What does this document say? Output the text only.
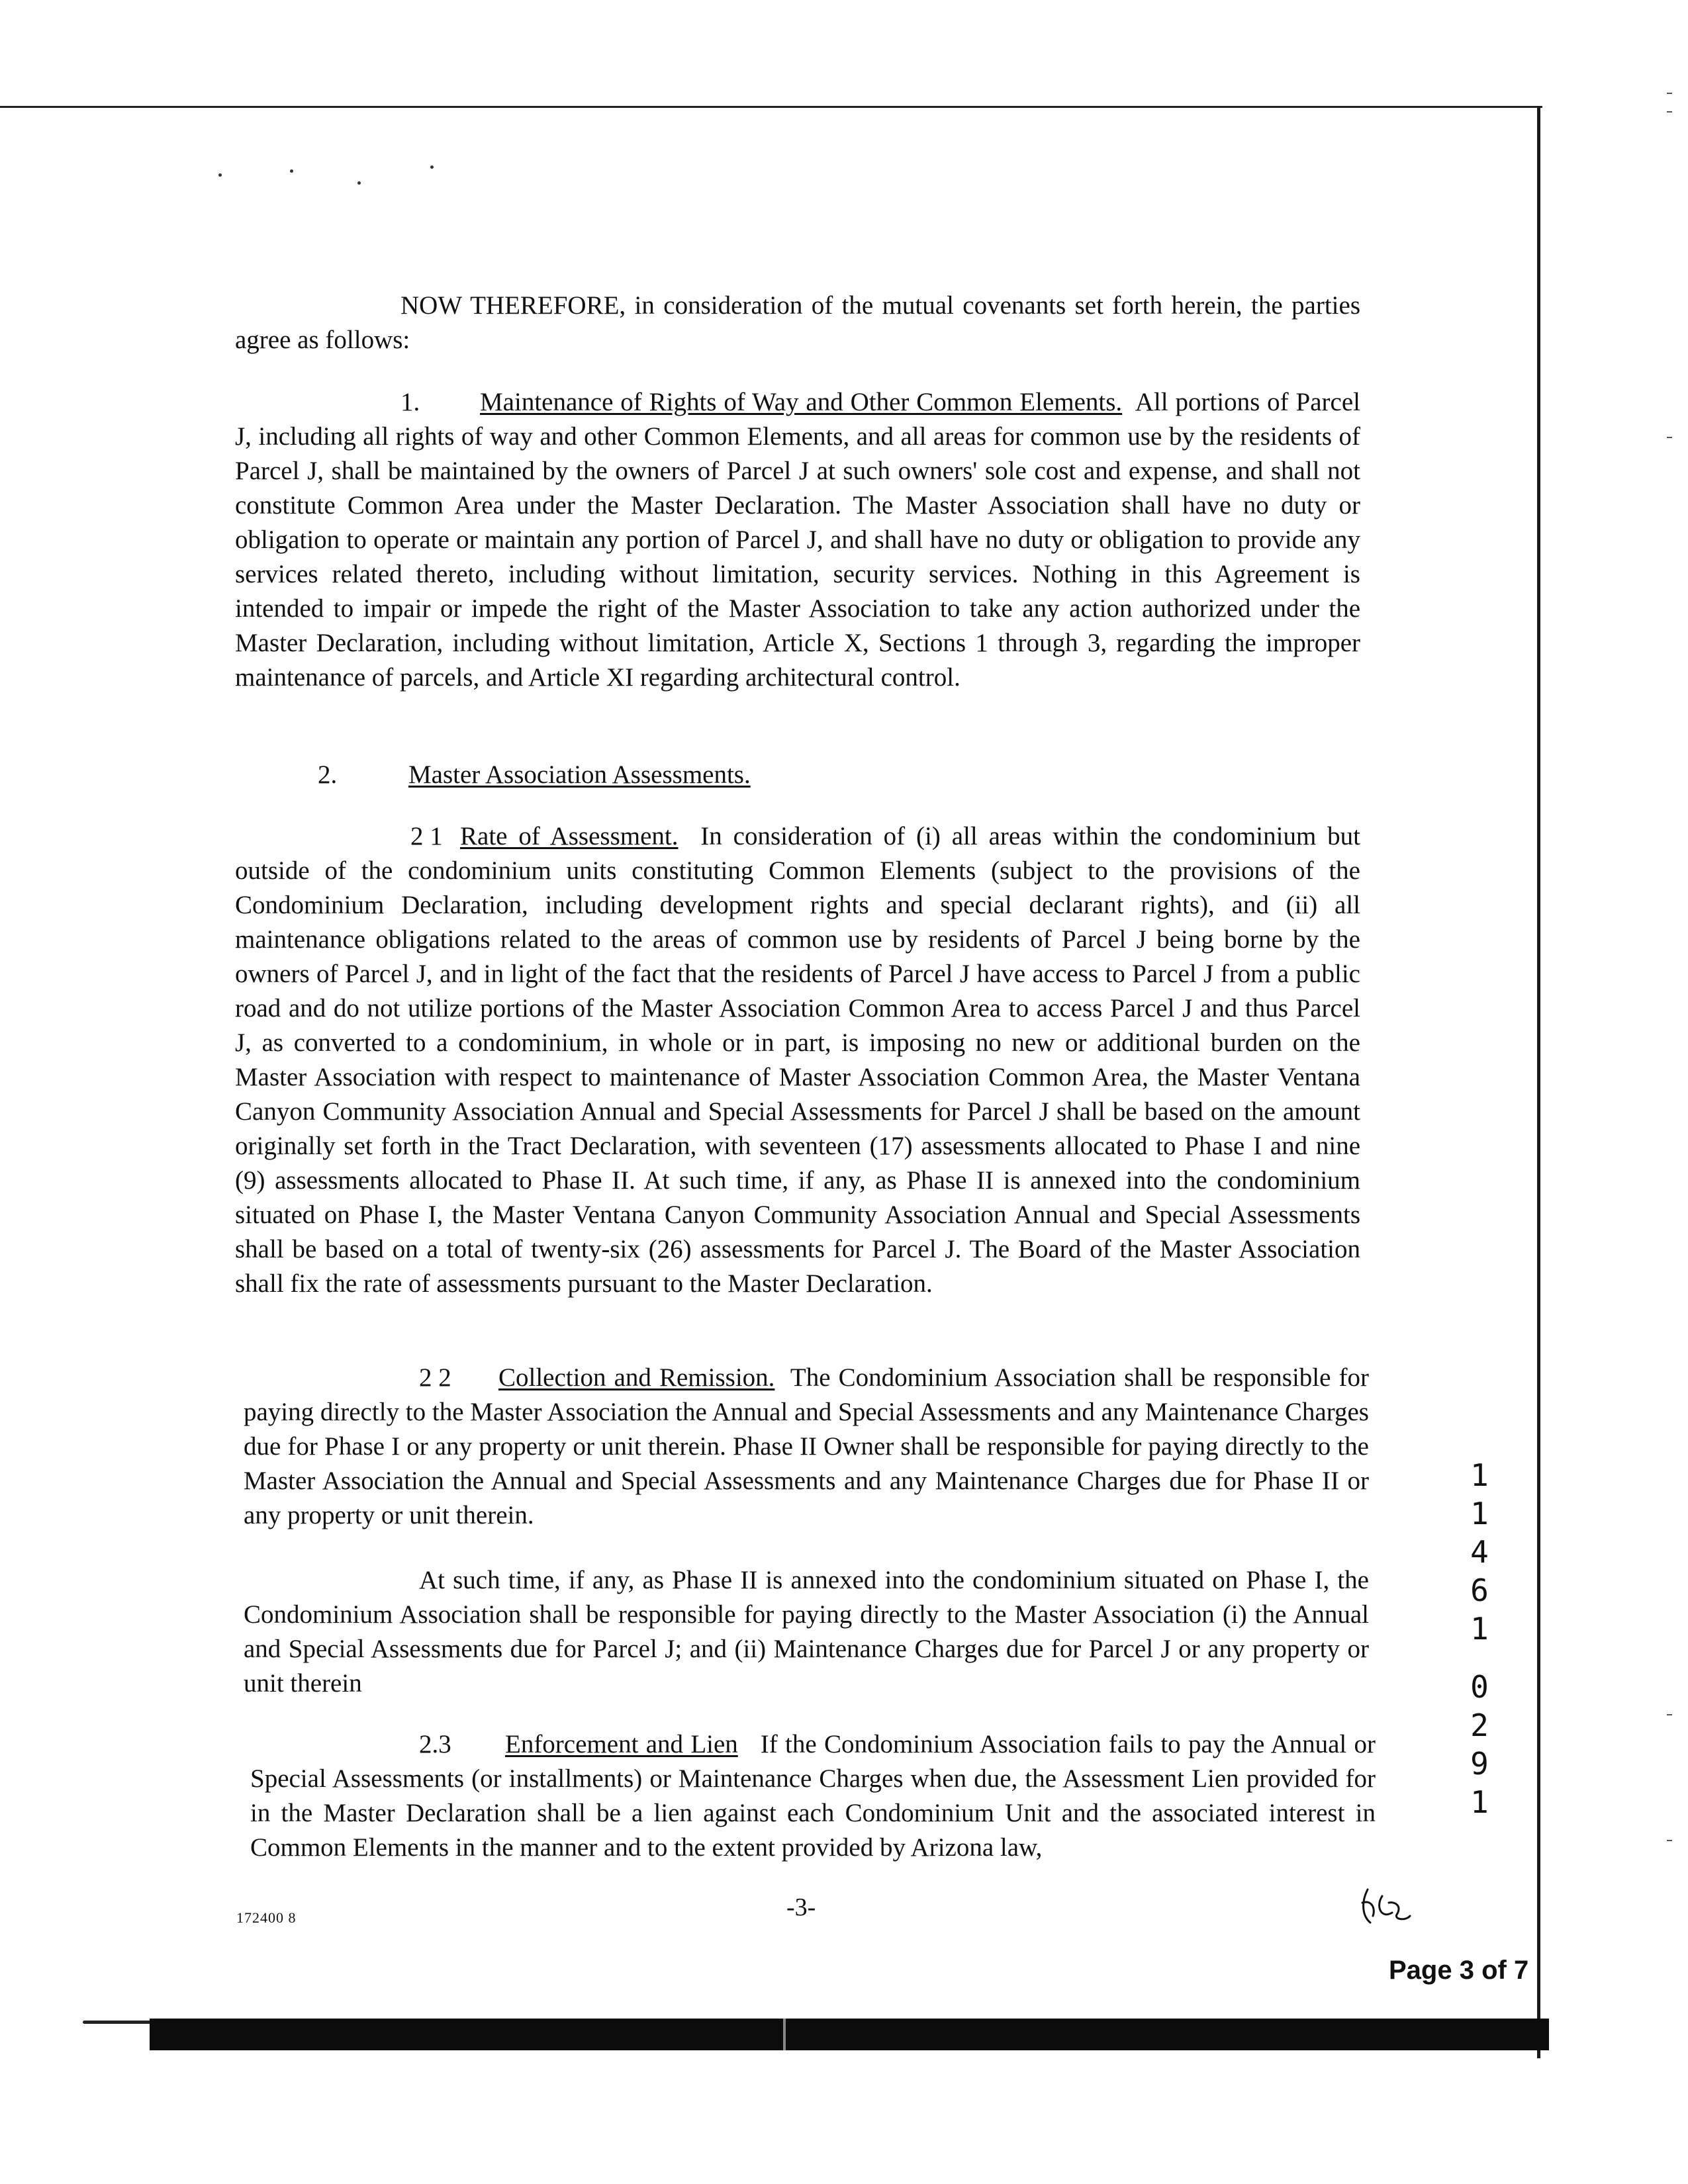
NOW THEREFORE, in consideration of the mutual covenants set forth herein, the parties agree as follows:

1. Maintenance of Rights of Way and Other Common Elements. All portions of Parcel J, including all rights of way and other Common Elements, and all areas for common use by the residents of Parcel J, shall be maintained by the owners of Parcel J at such owners' sole cost and expense, and shall not constitute Common Area under the Master Declaration. The Master Association shall have no duty or obligation to operate or maintain any portion of Parcel J, and shall have no duty or obligation to provide any services related thereto, including without limitation, security services. Nothing in this Agreement is intended to impair or impede the right of the Master Association to take any action authorized under the Master Declaration, including without limitation, Article X, Sections 1 through 3, regarding the improper maintenance of parcels, and Article XI regarding architectural control.

2.	Master Association Assessments.

2 1 Rate of Assessment. In consideration of (i) all areas within the condominium but outside of the condominium units constituting Common Elements (subject to the provisions of the Condominium Declaration, including development rights and special declarant rights), and (ii) all maintenance obligations related to the areas of common use by residents of Parcel J being borne by the owners of Parcel J, and in light of the fact that the residents of Parcel J have access to Parcel J from a public road and do not utilize portions of the Master Association Common Area to access Parcel J and thus Parcel J, as converted to a condominium, in whole or in part, is imposing no new or additional burden on the Master Association with respect to maintenance of Master Association Common Area, the Master Ventana Canyon Community Association Annual and Special Assessments for Parcel J shall be based on the amount originally set forth in the Tract Declaration, with seventeen (17) assessments allocated to Phase I and nine (9) assessments allocated to Phase II. At such time, if any, as Phase II is annexed into the condominium situated on Phase I, the Master Ventana Canyon Community Association Annual and Special Assessments shall be based on a total of twenty-six (26) assessments for Parcel J. The Board of the Master Association shall fix the rate of assessments pursuant to the Master Declaration.

2 2 Collection and Remission. The Condominium Association shall be responsible for paying directly to the Master Association the Annual and Special Assessments and any Maintenance Charges due for Phase I or any property or unit therein. Phase II Owner shall be responsible for paying directly to the Master Association the Annual and Special Assessments and any Maintenance Charges due for Phase II or any property or unit therein.

At such time, if any, as Phase II is annexed into the condominium situated on Phase I, the Condominium Association shall be responsible for paying directly to the Master Association (i) the Annual and Special Assessments due for Parcel J; and (ii) Maintenance Charges due for Parcel J or any property or unit therein

2.3 Enforcement and Lien If the Condominium Association fails to pay the Annual or Special Assessments (or installments) or Maintenance Charges when due, the Assessment Lien provided for in the Master Declaration shall be a lien against each Condominium Unit and the associated interest in Common Elements in the manner and to the extent provided by Arizona law,

1
1
4
6
1
0
2
9
1
172400 8	-3-
Page 3 of 7
